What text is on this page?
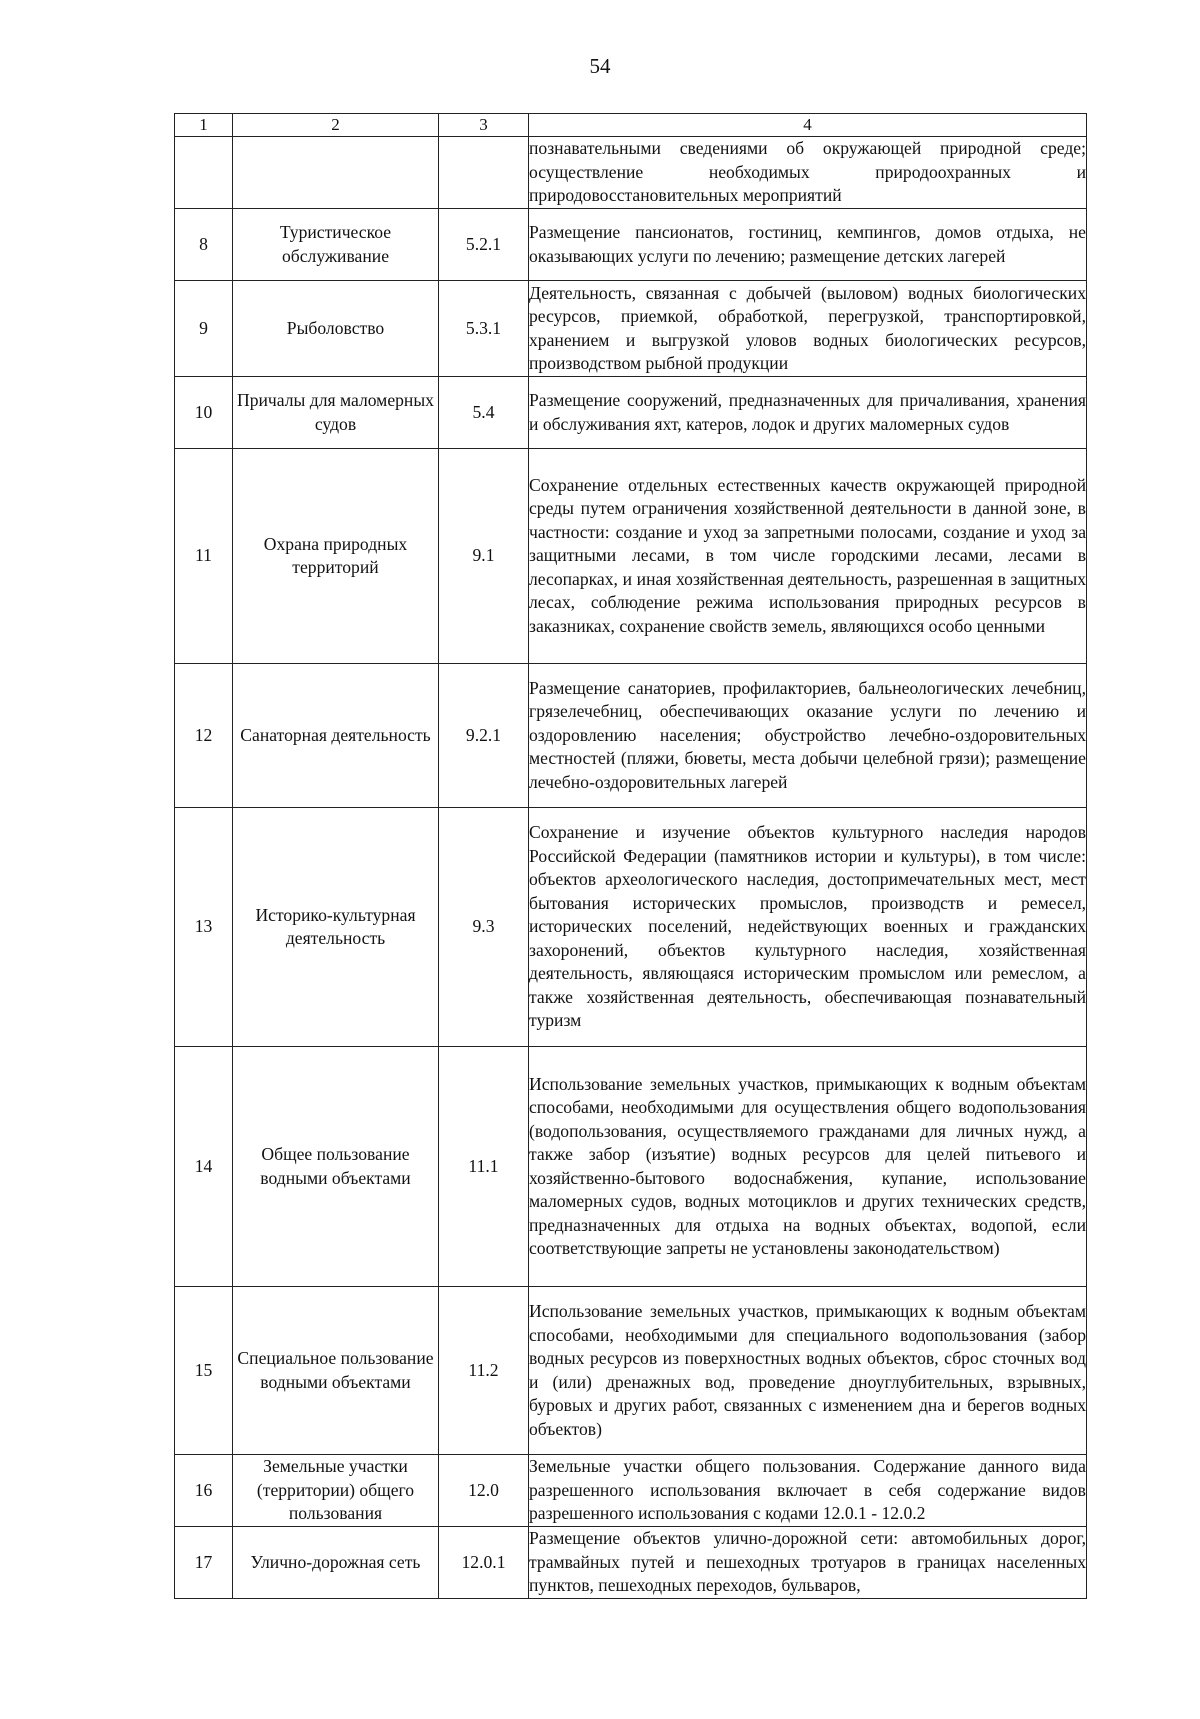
54
1	2	3	4
			познавательными сведениями об окружающей природной среде; осуществление необходимых природоохранных и природовосстановительных мероприятий
8	Туристическое обслуживание	5.2.1	Размещение пансионатов, гостиниц, кемпингов, домов отдыха, не оказывающих услуги по лечению; размещение детских лагерей
9	Рыболовство	5.3.1	Деятельность, связанная с добычей (выловом) водных биологических ресурсов, приемкой, обработкой, перегрузкой, транспортировкой, хранением и выгрузкой уловов водных биологических ресурсов, производством рыбной продукции
10	Причалы для маломерных судов	5.4	Размещение сооружений, предназначенных для причаливания, хранения и обслуживания яхт, катеров, лодок и других маломерных судов
11	Охрана природных территорий	9.1	Сохранение отдельных естественных качеств окружающей природной среды путем ограничения хозяйственной деятельности в данной зоне, в частности: создание и уход за запретными полосами, создание и уход за защитными лесами, в том числе городскими лесами, лесами в лесопарках, и иная хозяйственная деятельность, разрешенная в защитных лесах, соблюдение режима использования природных ресурсов в заказниках, сохранение свойств земель, являющихся особо ценными
12	Санаторная деятельность	9.2.1	Размещение санаториев, профилакториев, бальнеологических лечебниц, грязелечебниц, обеспечивающих оказание услуги по лечению и оздоровлению населения; обустройство лечебно-оздоровительных местностей (пляжи, бюветы, места добычи целебной грязи); размещение лечебно-оздоровительных лагерей
13	Историко-культурная деятельность	9.3	Сохранение и изучение объектов культурного наследия народов Российской Федерации (памятников истории и культуры), в том числе: объектов археологического наследия, достопримечательных мест, мест бытования исторических промыслов, производств и ремесел, исторических поселений, недействующих военных и гражданских захоронений, объектов культурного наследия, хозяйственная деятельность, являющаяся историческим промыслом или ремеслом, а также хозяйственная деятельность, обеспечивающая познавательный туризм
14	Общее пользование водными объектами	11.1	Использование земельных участков, примыкающих к водным объектам способами, необходимыми для осуществления общего водопользования (водопользования, осуществляемого гражданами для личных нужд, а также забор (изъятие) водных ресурсов для целей питьевого и хозяйственно-бытового водоснабжения, купание, использование маломерных судов, водных мотоциклов и других технических средств, предназначенных для отдыха на водных объектах, водопой, если соответствующие запреты не установлены законодательством)
15	Специальное пользование водными объектами	11.2	Использование земельных участков, примыкающих к водным объектам способами, необходимыми для специального водопользования (забор водных ресурсов из поверхностных водных объектов, сброс сточных вод и (или) дренажных вод, проведение дноуглубительных, взрывных, буровых и других работ, связанных с изменением дна и берегов водных объектов)
16	Земельные участки (территории) общего пользования	12.0	Земельные участки общего пользования. Содержание данного вида разрешенного использования включает в себя содержание видов разрешенного использования с кодами 12.0.1 - 12.0.2
17	Улично-дорожная сеть	12.0.1	Размещение объектов улично-дорожной сети: автомобильных дорог, трамвайных путей и пешеходных тротуаров в границах населенных пунктов, пешеходных переходов, бульваров,
